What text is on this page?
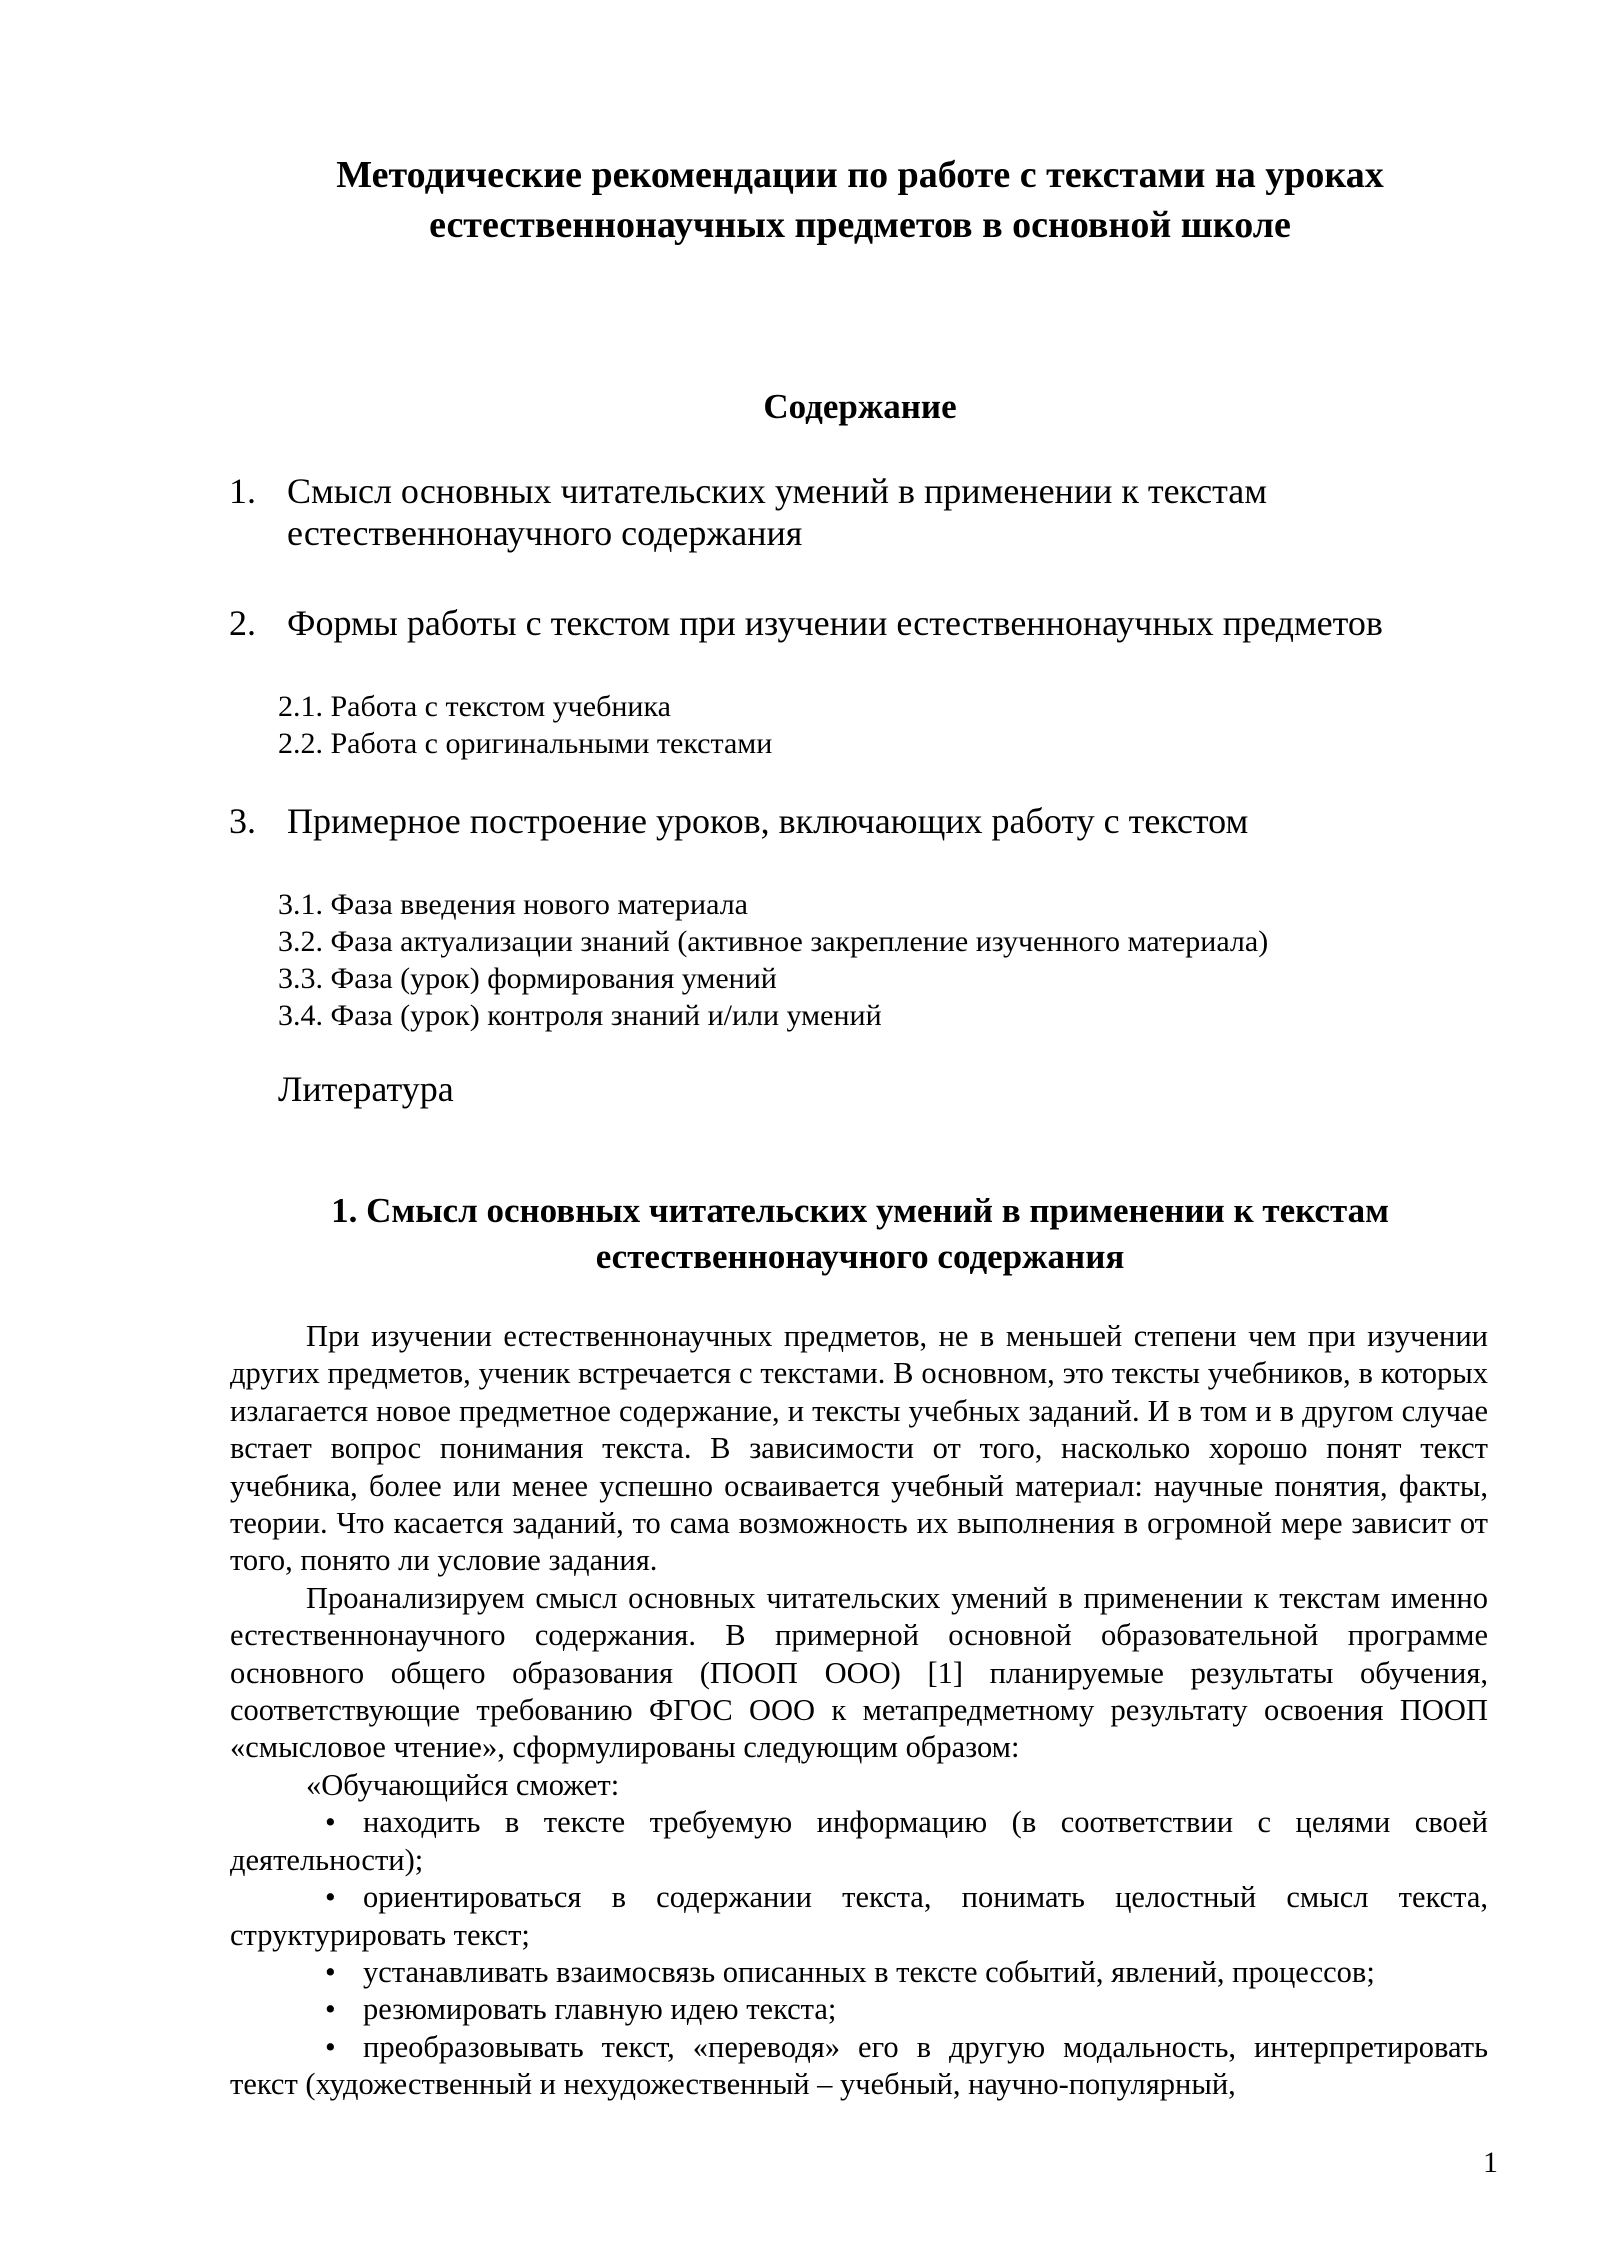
Методические рекомендации по работе с текстами на уроках
естественнонаучных предметов в основной школе
Содержание
1. Смысл основных читательских умений в применении к текстам
естественнонаучного содержания
2. Формы работы с текстом при изучении естественнонаучных предметов
2.1. Работа с текстом учебника
2.2. Работа с оригинальными текстами
3. Примерное построение уроков, включающих работу с текстом
3.1. Фаза введения нового материала
3.2. Фаза актуализации знаний (активное закрепление изученного материала)
3.3. Фаза (урок) формирования умений
3.4. Фаза (урок) контроля знаний и/или умений
Литература
1. Смысл основных читательских умений в применении к текстам
естественнонаучного содержания

При изучении естественнонаучных предметов, не в меньшей степени чем при изучении других предметов, ученик встречается с текстами. В основном, это тексты учебников, в которых излагается новое предметное содержание, и тексты учебных заданий. И в том и в другом случае встает вопрос понимания текста. В зависимости от того, насколько хорошо понят текст учебника, более или менее успешно осваивается учебный материал: научные понятия, факты, теории. Что касается заданий, то сама возможность их выполнения в огромной мере зависит от того, понято ли условие задания.

Проанализируем смысл основных читательских умений в применении к текстам именно естественнонаучного содержания. В примерной основной образовательной программе основного общего образования (ПООП ООО) [1] планируемые результаты обучения, соответствующие требованию ФГОС ООО к метапредметному результату освоения ПООП «смысловое чтение», сформулированы следующим образом:

«Обучающийся сможет:

• находить в тексте требуемую информацию (в соответствии с целями своей деятельности);
• ориентироваться в содержании текста, понимать целостный смысл текста, структурировать текст;
• устанавливать взаимосвязь описанных в тексте событий, явлений, процессов;
• резюмировать главную идею текста;
• преобразовывать текст, «переводя» его в другую модальность, интерпретировать текст (художественный и нехудожественный – учебный, научно-популярный,
1
